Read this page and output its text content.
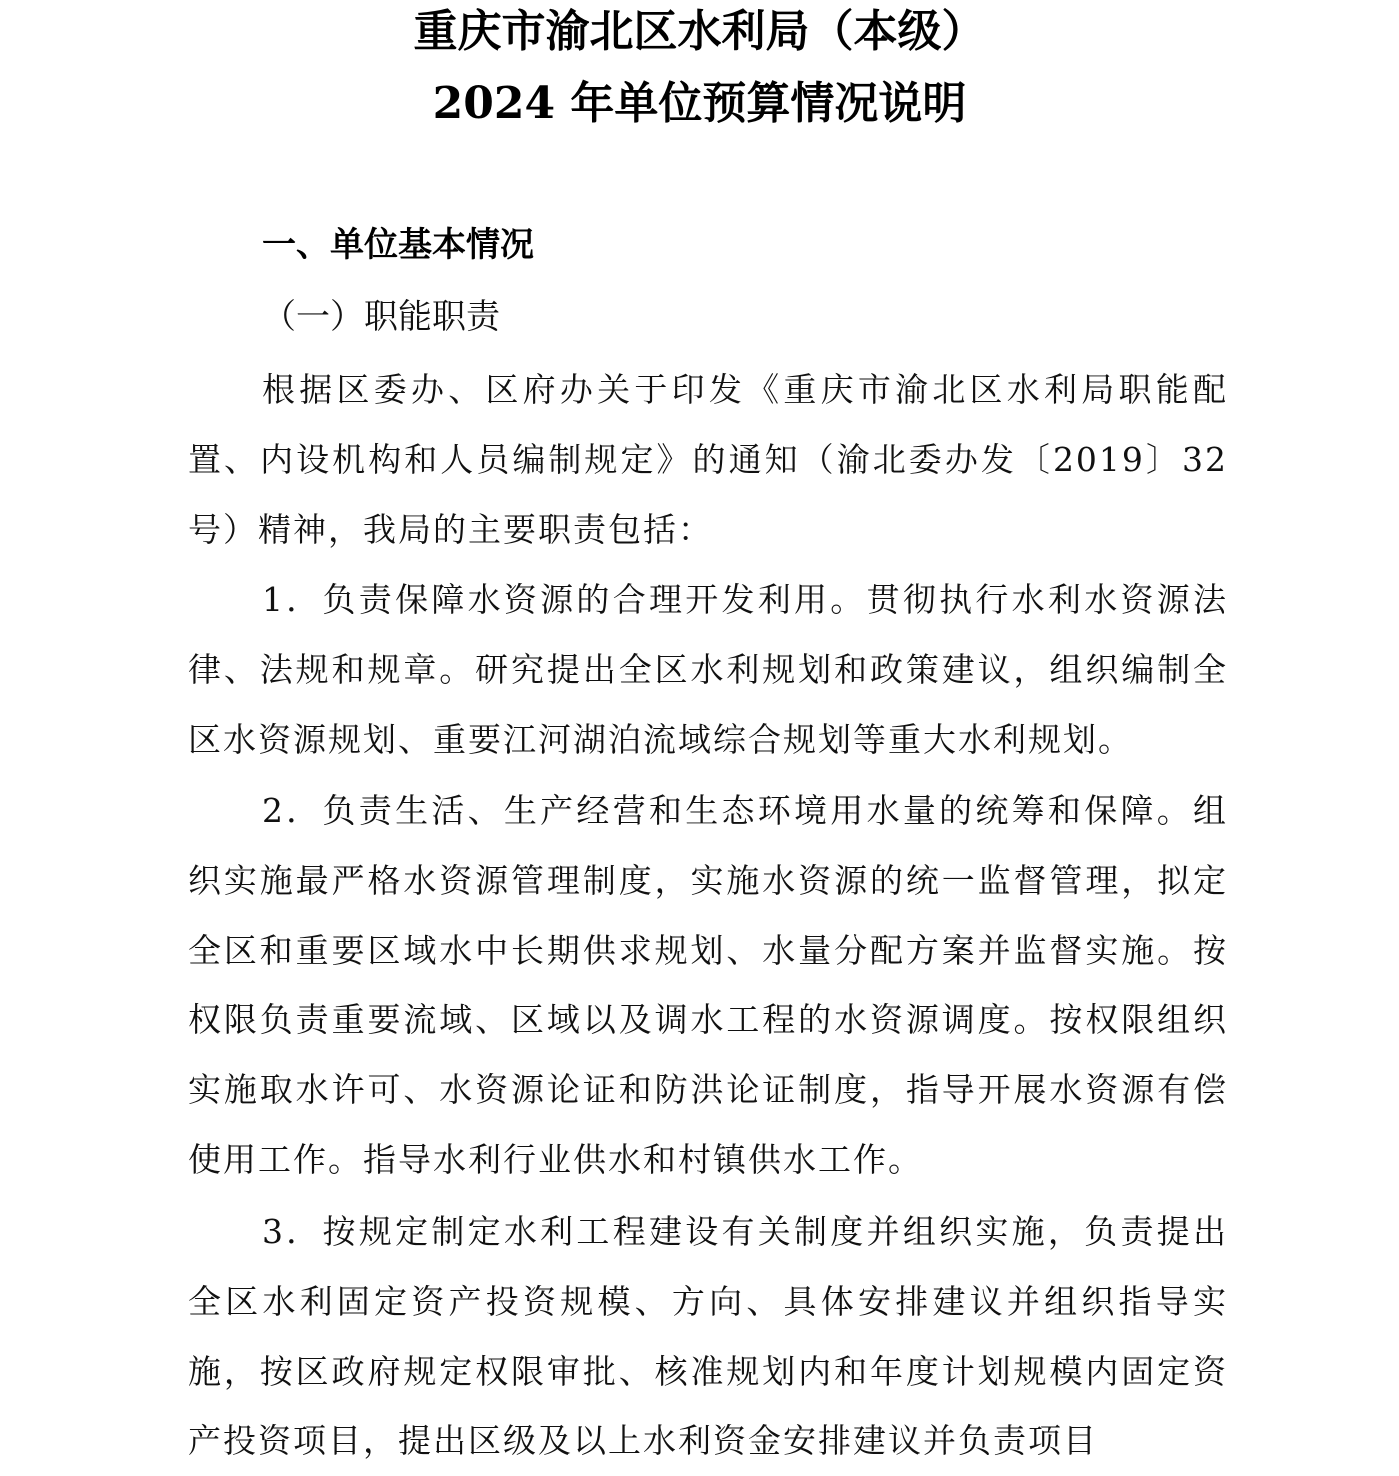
重庆市渝北区水利局（本级）
2024 年单位预算情况说明
一、单位基本情况
（一）职能职责

根据区委办、区府办关于印发《重庆市渝北区水利局职能配置、内设机构和人员编制规定》的通知（渝北委办发〔2019〕32 号）精神，我局的主要职责包括：

1．负责保障水资源的合理开发利用。贯彻执行水利水资源法律、法规和规章。研究提出全区水利规划和政策建议，组织编制全区水资源规划、重要江河湖泊流域综合规划等重大水利规划。

2．负责生活、生产经营和生态环境用水量的统筹和保障。组织实施最严格水资源管理制度，实施水资源的统一监督管理，拟定全区和重要区域水中长期供求规划、水量分配方案并监督实施。按权限负责重要流域、区域以及调水工程的水资源调度。按权限组织实施取水许可、水资源论证和防洪论证制度，指导开展水资源有偿使用工作。指导水利行业供水和村镇供水工作。

3．按规定制定水利工程建设有关制度并组织实施，负责提出全区水利固定资产投资规模、方向、具体安排建议并组织指导实施，按区政府规定权限审批、核准规划内和年度计划规模内固定资产投资项目，提出区级及以上水利资金安排建议并负责项目
